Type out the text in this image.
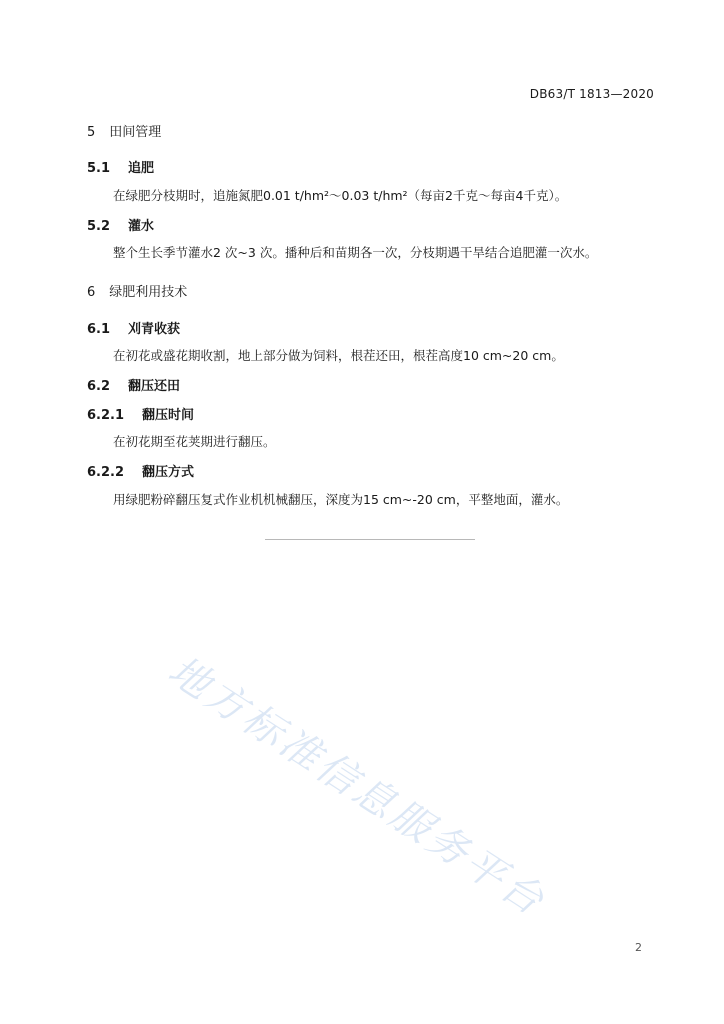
DB63/T 1813—2020
5 田间管理
5.1 追肥
在绿肥分枝期时，追施氮肥0.01 t/hm²～0.03 t/hm²（每亩2千克～每亩4千克）。
5.2 灌水
整个生长季节灌水2 次~3 次。播种后和苗期各一次，分枝期遇干旱结合追肥灌一次水。
6 绿肥利用技术
6.1 刈青收获
在初花或盛花期收割，地上部分做为饲料，根茬还田，根茬高度10 cm~20 cm。
6.2 翻压还田
6.2.1 翻压时间
在初花期至花荚期进行翻压。
6.2.2 翻压方式
用绿肥粉碎翻压复式作业机机械翻压，深度为15 cm~-20 cm，平整地面，灌水。
地方标准信息服务平台
2
